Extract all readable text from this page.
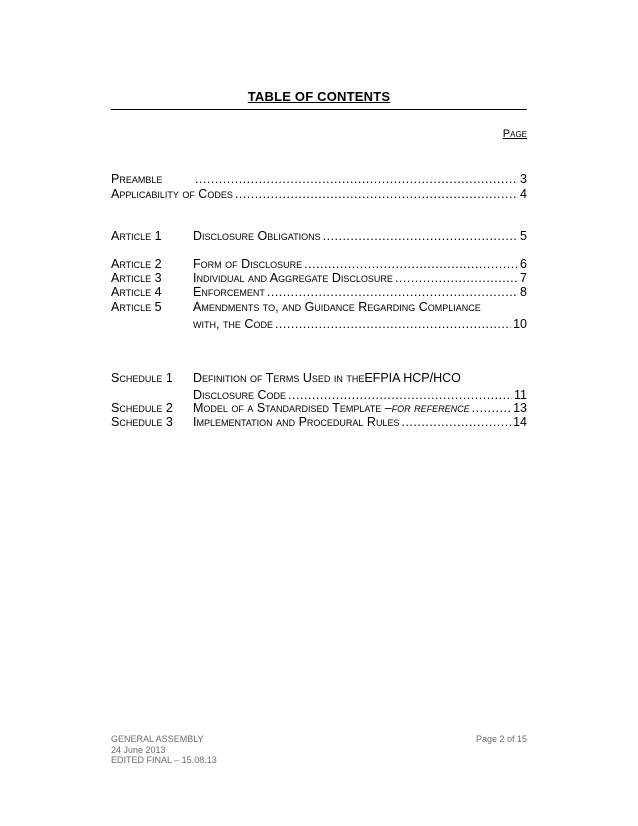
TABLE OF CONTENTS
Page
Preamble .....	3
Applicability of Codes .....	4
Article 1	Disclosure Obligations .....	5
Article 2	Form of Disclosure .....	6
Article 3	Individual and Aggregate Disclosure .....	7
Article 4	Enforcement .....	8
Article 5	Amendments to, and Guidance Regarding Compliance
with, the Code .....	10
Schedule 1	Definition of Terms Used in the EFPIA HCP/HCO
Disclosure Code .....	11
Schedule 2	Model of a Standardised Template – for reference .....	13
Schedule 3	Implementation and Procedural Rules .....	14
GENERAL ASSEMBLY
24 June 2013
EDITED FINAL – 15.08.13
Page 2 of 15
